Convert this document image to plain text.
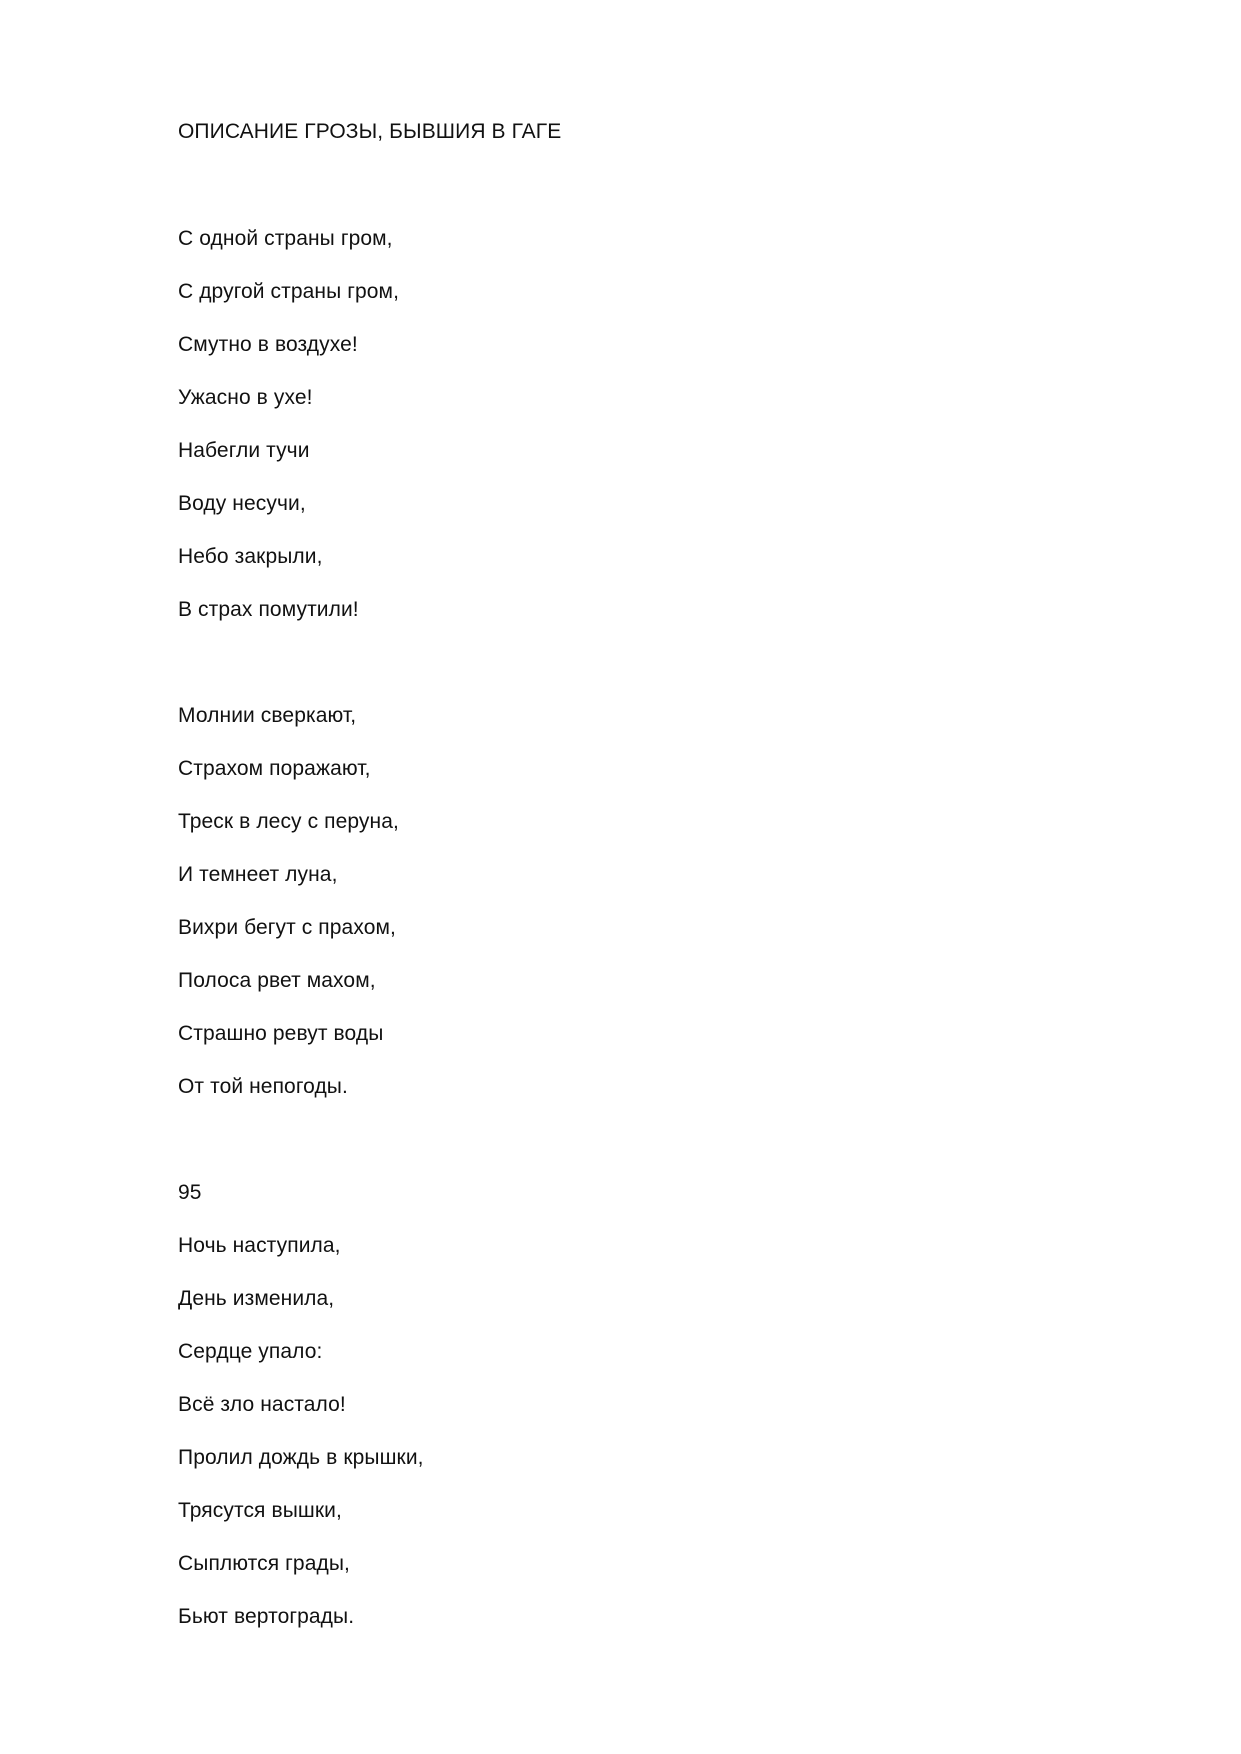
ОПИСАНИЕ ГРОЗЫ, БЫВШИЯ В ГАГЕ
С одной страны гром,
С другой страны гром,
Смутно в воздухе!
Ужасно в ухе!
Набегли тучи
Воду несучи,
Небо закрыли,
В страх помутили!
Молнии сверкают,
Страхом поражают,
Треск в лесу с перуна,
И темнеет луна,
Вихри бегут с прахом,
Полоса рвет махом,
Страшно ревут воды
От той непогоды.
95
Ночь наступила,
День изменила,
Сердце упало:
Всё зло настало!
Пролил дождь в крышки,
Трясутся вышки,
Сыплются грады,
Бьют вертограды.
